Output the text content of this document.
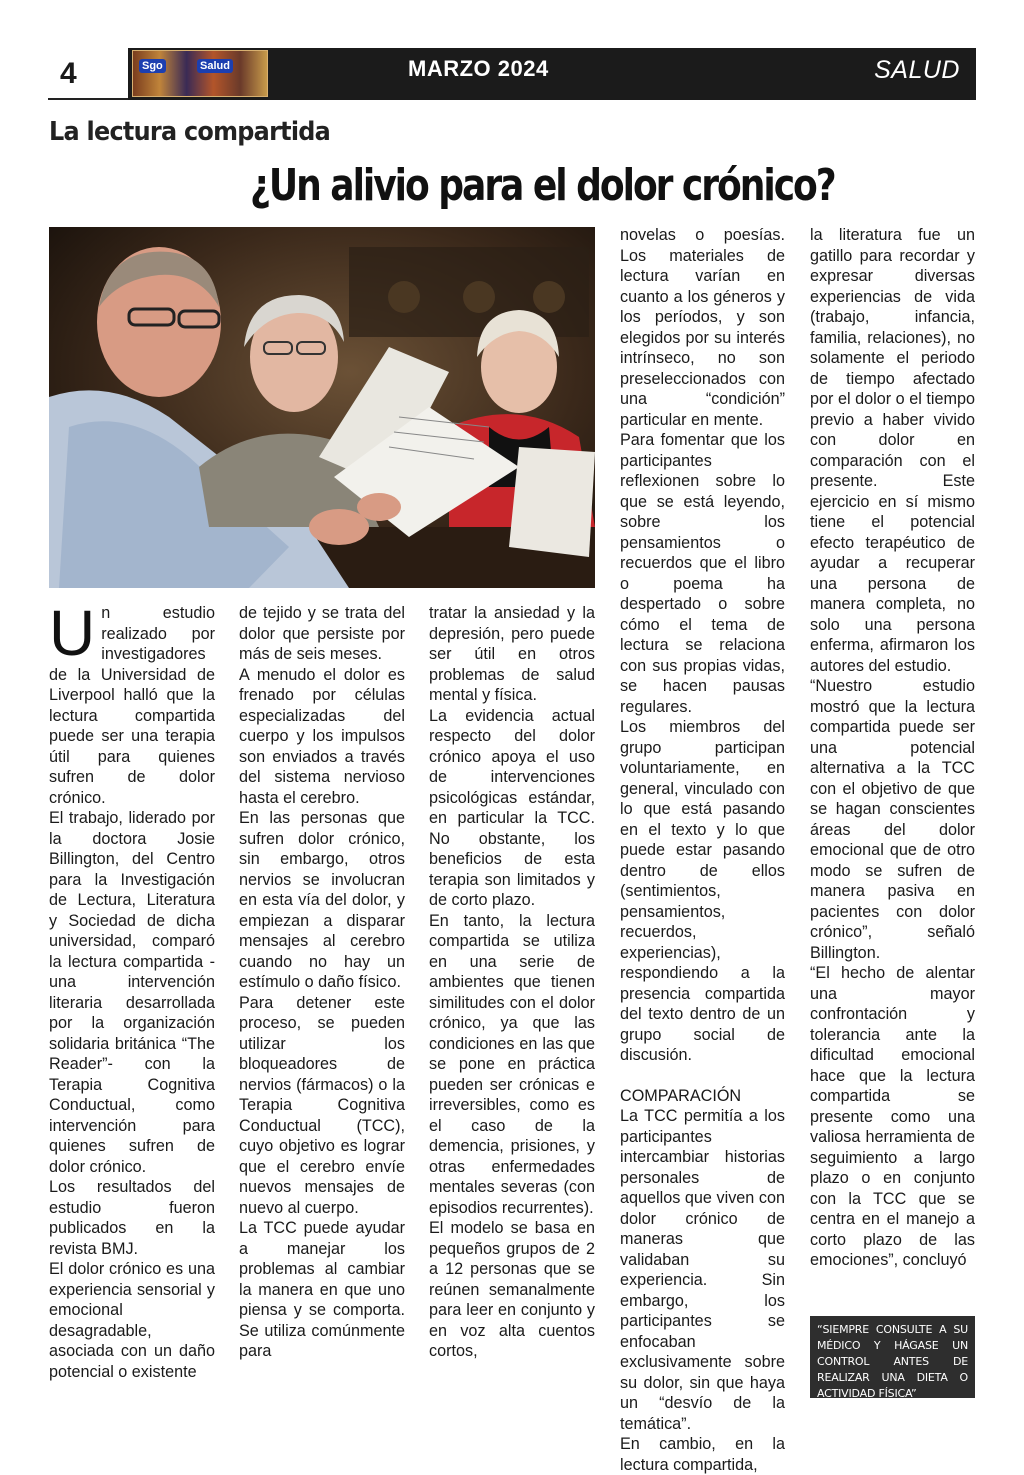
4	Sgo	Salud	MARZO 2024	SALUD
La lectura compartida
¿Un alivio para el dolor crónico?

Un estudio realizado por investigadores de la Universidad de Liverpool halló que la lectura compartida puede ser una terapia útil para quienes sufren de dolor crónico.

El trabajo, liderado por la doctora Josie Billington, del Centro para la Investigación de Lectura, Literatura y Sociedad de dicha universidad, comparó la lectura compartida -una intervención literaria desarrollada por la organización solidaria británica “The Reader”- con la Terapia Cognitiva Conductual, como intervención para quienes sufren de dolor crónico.

Los resultados del estudio fueron publicados en la revista BMJ.

El dolor crónico es una experiencia sensorial y emocional desagradable, asociada con un daño potencial o existente

de tejido y se trata del dolor que persiste por más de seis meses.

A menudo el dolor es frenado por células especializadas del cuerpo y los impulsos son enviados a través del sistema nervioso hasta el cerebro.

En las personas que sufren dolor crónico, sin embargo, otros nervios se involucran en esta vía del dolor, y empiezan a disparar mensajes al cerebro cuando no hay un estímulo o daño físico.

Para detener este proceso, se pueden utilizar los bloqueadores de nervios (fármacos) o la Terapia Cognitiva Conductual (TCC), cuyo objetivo es lograr que el cerebro envíe nuevos mensajes de nuevo al cuerpo.

La TCC puede ayudar a manejar los problemas al cambiar la manera en que uno piensa y se comporta. Se utiliza comúnmente para

tratar la ansiedad y la depresión, pero puede ser útil en otros problemas de salud mental y física.

La evidencia actual respecto del dolor crónico apoya el uso de intervenciones psicológicas estándar, en particular la TCC. No obstante, los beneficios de esta terapia son limitados y de corto plazo.

En tanto, la lectura compartida se utiliza en una serie de ambientes que tienen similitudes con el dolor crónico, ya que las condiciones en las que se pone en práctica pueden ser crónicas e irreversibles, como es el caso de la demencia, prisiones, y otras enfermedades mentales severas (con episodios recurrentes).

El modelo se basa en pequeños grupos de 2 a 12 personas que se reúnen semanalmente para leer en conjunto y en voz alta cuentos cortos,

novelas o poesías. Los materiales de lectura varían en cuanto a los géneros y los períodos, y son elegidos por su interés intrínseco, no son preseleccionados con una “condición” particular en mente.

Para fomentar que los participantes reflexionen sobre lo que se está leyendo, sobre los pensamientos o recuerdos que el libro o poema ha despertado o sobre cómo el tema de lectura se relaciona con sus propias vidas, se hacen pausas regulares.

Los miembros del grupo participan voluntariamente, en general, vinculado con lo que está pasando en el texto y lo que puede estar pasando dentro de ellos (sentimientos, pensamientos, recuerdos, experiencias), respondiendo a la presencia compartida del texto dentro de un grupo social de discusión.

COMPARACIÓN

La TCC permitía a los participantes intercambiar historias personales de aquellos que viven con dolor crónico de maneras que validaban su experiencia. Sin embargo, los participantes se enfocaban exclusivamente sobre su dolor, sin que haya un “desvío de la temática”.

En cambio, en la lectura compartida,

la literatura fue un gatillo para recordar y expresar diversas experiencias de vida (trabajo, infancia, familia, relaciones), no solamente el periodo de tiempo afectado por el dolor o el tiempo previo a haber vivido con dolor en comparación con el presente. Este ejercicio en sí mismo tiene el potencial efecto terapéutico de ayudar a recuperar una persona de manera completa, no solo una persona enferma, afirmaron los autores del estudio.

“Nuestro estudio mostró que la lectura compartida puede ser una potencial alternativa a la TCC con el objetivo de que se hagan conscientes áreas del dolor emocional que de otro modo se sufren de manera pasiva en pacientes con dolor crónico”, señaló Billington.

“El hecho de alentar una mayor confrontación y tolerancia ante la dificultad emocional hace que la lectura compartida se presente como una valiosa herramienta de seguimiento a largo plazo o en conjunto con la TCC que se centra en el manejo a corto plazo de las emociones”, concluyó

“SIEMPRE CONSULTE A SU MÉDICO Y HÁGASE UN CONTROL ANTES DE REALIZAR UNA DIETA O ACTIVIDAD FÍSICA”
